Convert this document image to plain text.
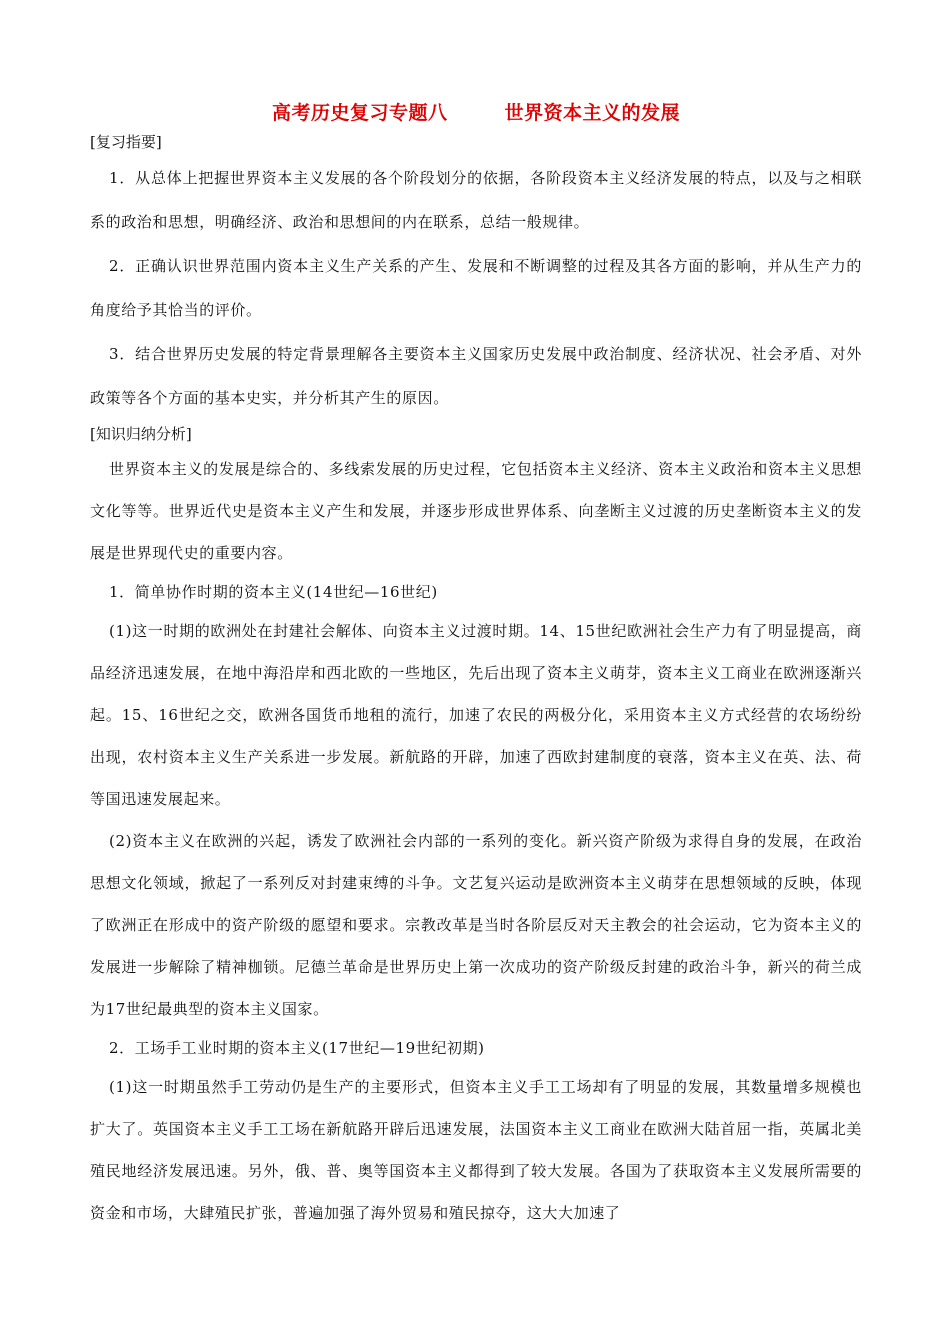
高考历史复习专题八        世界资本主义的发展

[复习指要]

1．从总体上把握世界资本主义发展的各个阶段划分的依据，各阶段资本主义经济发展的特点，以及与之相联系的政治和思想，明确经济、政治和思想间的内在联系，总结一般规律。

2．正确认识世界范围内资本主义生产关系的产生、发展和不断调整的过程及其各方面的影响，并从生产力的角度给予其恰当的评价。

3．结合世界历史发展的特定背景理解各主要资本主义国家历史发展中政治制度、经济状况、社会矛盾、对外政策等各个方面的基本史实，并分析其产生的原因。

[知识归纳分析]

世界资本主义的发展是综合的、多线索发展的历史过程，它包括资本主义经济、资本主义政治和资本主义思想文化等等。世界近代史是资本主义产生和发展，并逐步形成世界体系、向垄断主义过渡的历史垄断资本主义的发展是世界现代史的重要内容。

1．简单协作时期的资本主义(14世纪—16世纪)

(1)这一时期的欧洲处在封建社会解体、向资本主义过渡时期。14、15世纪欧洲社会生产力有了明显提高，商品经济迅速发展，在地中海沿岸和西北欧的一些地区，先后出现了资本主义萌芽，资本主义工商业在欧洲逐渐兴起。15、16世纪之交，欧洲各国货币地租的流行，加速了农民的两极分化，采用资本主义方式经营的农场纷纷出现，农村资本主义生产关系进一步发展。新航路的开辟，加速了西欧封建制度的衰落，资本主义在英、法、荷等国迅速发展起来。

(2)资本主义在欧洲的兴起，诱发了欧洲社会内部的一系列的变化。新兴资产阶级为求得自身的发展，在政治思想文化领域，掀起了一系列反对封建束缚的斗争。文艺复兴运动是欧洲资本主义萌芽在思想领域的反映，体现了欧洲正在形成中的资产阶级的愿望和要求。宗教改革是当时各阶层反对天主教会的社会运动，它为资本主义的发展进一步解除了精神枷锁。尼德兰革命是世界历史上第一次成功的资产阶级反封建的政治斗争，新兴的荷兰成为17世纪最典型的资本主义国家。

2．工场手工业时期的资本主义(17世纪—19世纪初期)

(1)这一时期虽然手工劳动仍是生产的主要形式，但资本主义手工工场却有了明显的发展，其数量增多规模也扩大了。英国资本主义手工工场在新航路开辟后迅速发展，法国资本主义工商业在欧洲大陆首屈一指，英属北美殖民地经济发展迅速。另外，俄、普、奥等国资本主义都得到了较大发展。各国为了获取资本主义发展所需要的资金和市场，大肆殖民扩张，普遍加强了海外贸易和殖民掠夺，这大大加速了
